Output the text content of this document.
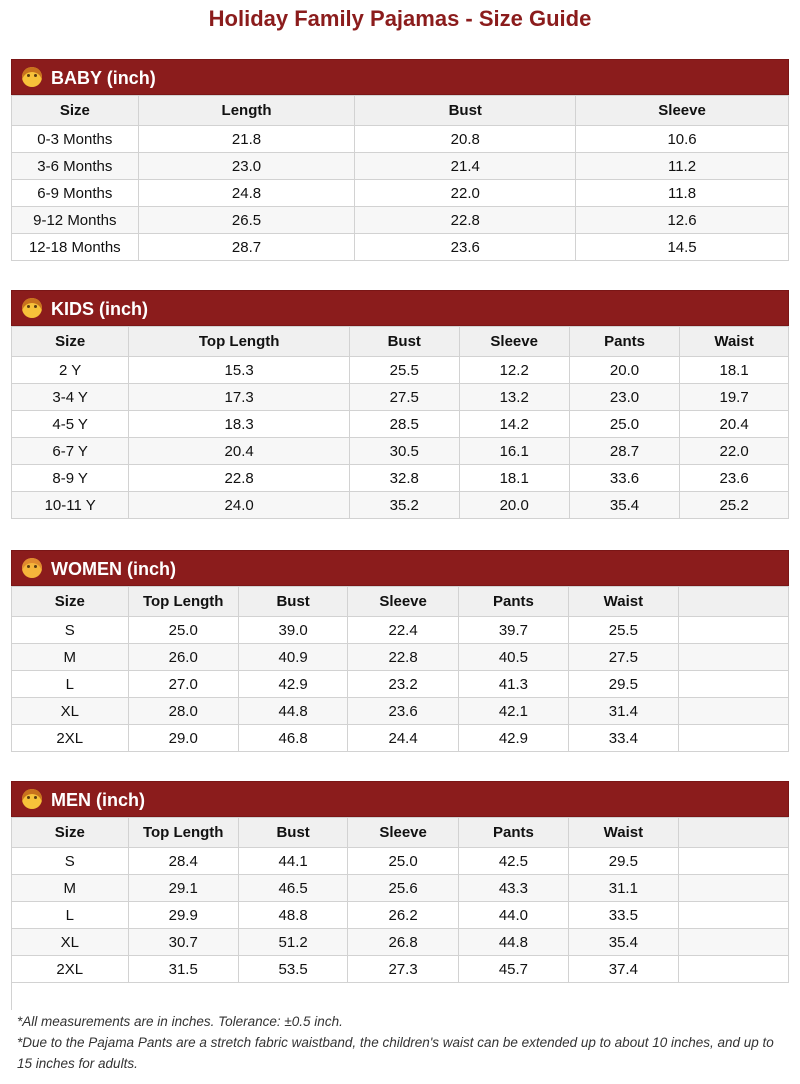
Holiday Family Pajamas - Size Guide
BABY (inch)
Size	Length	Bust	Sleeve
0-3 Months	21.8	20.8	10.6
3-6 Months	23.0	21.4	11.2
6-9 Months	24.8	22.0	11.8
9-12 Months	26.5	22.8	12.6
12-18 Months	28.7	23.6	14.5
KIDS (inch)
Size	Top Length	Bust	Sleeve	Pants	Waist
2 Y	15.3	25.5	12.2	20.0	18.1
3-4 Y	17.3	27.5	13.2	23.0	19.7
4-5 Y	18.3	28.5	14.2	25.0	20.4
6-7 Y	20.4	30.5	16.1	28.7	22.0
8-9 Y	22.8	32.8	18.1	33.6	23.6
10-11 Y	24.0	35.2	20.0	35.4	25.2
WOMEN (inch)
Size	Top Length	Bust	Sleeve	Pants	Waist	
S	25.0	39.0	22.4	39.7	25.5	
M	26.0	40.9	22.8	40.5	27.5	
L	27.0	42.9	23.2	41.3	29.5	
XL	28.0	44.8	23.6	42.1	31.4	
2XL	29.0	46.8	24.4	42.9	33.4	
MEN (inch)
Size	Top Length	Bust	Sleeve	Pants	Waist	
S	28.4	44.1	25.0	42.5	29.5	
M	29.1	46.5	25.6	43.3	31.1	
L	29.9	48.8	26.2	44.0	33.5	
XL	30.7	51.2	26.8	44.8	35.4	
2XL	31.5	53.5	27.3	45.7	37.4	

*All measurements are in inches. Tolerance: ±0.5 inch.

*Due to the Pajama Pants are a stretch fabric waistband, the children's waist can be extended up to about 10 inches, and up to 15 inches for adults.
